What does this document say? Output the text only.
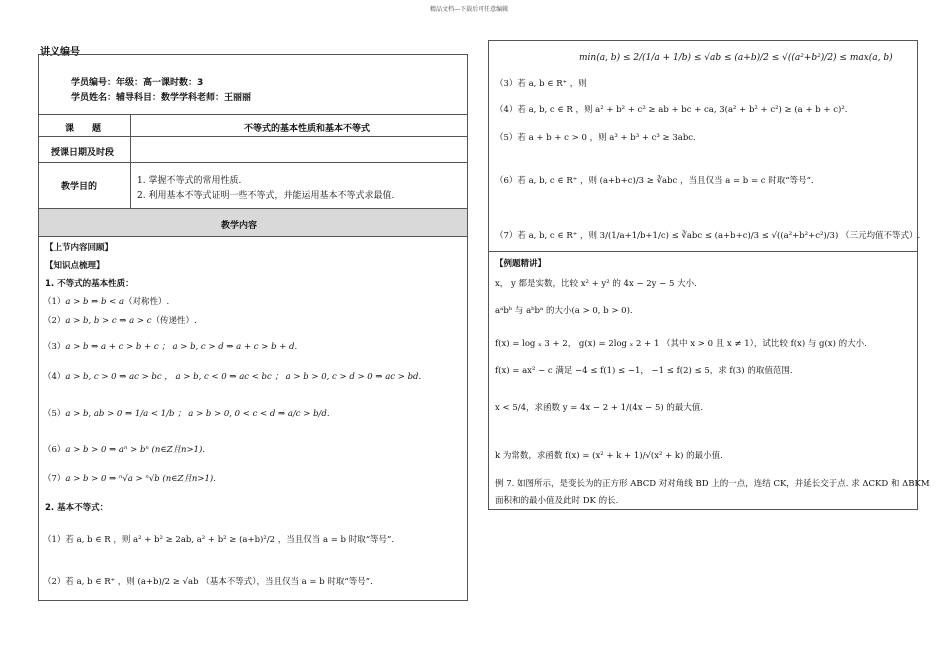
精品文档---下载后可任意编辑
讲义编号
学员编号：年级：高一课时数：3
学员姓名：辅导科目：数学学科老师：王丽丽
课　　题	不等式的基本性质和基本不等式
授课日期及时段
教学目的
1. 掌握不等式的常用性质.
2. 利用基本不等式证明一些不等式，并能运用基本不等式求最值.
教学内容
【上节内容回顾】
【知识点梳理】
1. 不等式的基本性质：
（1）a > b ⇔ b < a（对称性）.
（2）a > b, b > c ⇒ a > c（传递性）.
（3）a > b ⇒ a + c > b + c ； a > b, c > d ⇒ a + c > b + d.
（4）a > b, c > 0 ⇒ ac > bc ， a > b, c < 0 ⇒ ac < bc ； a > b > 0, c > d > 0 ⇒ ac > bd.
（5）a > b, ab > 0 ⇒ 1/a < 1/b ； a > b > 0, 0 < c < d ⇒ a/c > b/d.
（6）a > b > 0 ⇒ aⁿ > bⁿ (n∈Z且n>1).
（7）a > b > 0 ⇒ ⁿ√a > ⁿ√b (n∈Z且n>1).
2. 基本不等式：
（1）若 a, b ∈ R ，则 a² + b² ≥ 2ab, a² + b² ≥ (a+b)²/2 ，当且仅当 a = b 时取“等号”.
（2）若 a, b ∈ R⁺ ，则 (a+b)/2 ≥ √ab （基本不等式），当且仅当 a = b 时取“等号”.
min(a, b) ≤ 2/(1/a + 1/b) ≤ √ab ≤ (a+b)/2 ≤ √((a²+b²)/2) ≤ max(a, b)
（3）若 a, b ∈ R⁺ ，则
（4）若 a, b, c ∈ R ，则 a² + b² + c² ≥ ab + bc + ca, 3(a² + b² + c²) ≥ (a + b + c)².
（5）若 a + b + c > 0 ，则 a³ + b³ + c³ ≥ 3abc.
（6）若 a, b, c ∈ R⁺ ，则 (a+b+c)/3 ≥ ∛abc ，当且仅当 a = b = c 时取“等号”.
（7）若 a, b, c ∈ R⁺ ，则 3/(1/a+1/b+1/c) ≤ ∛abc ≤ (a+b+c)/3 ≤ √((a²+b²+c²)/3) （三元均值不等式）.
【例题精讲】
x， y 都是实数，比较 x² + y² 的 4x − 2y − 5 大小.
aᵃbᵇ 与 aᵇbᵃ 的大小(a > 0, b > 0).
f(x) = log ₓ 3 + 2， g(x) = 2log ₓ 2 + 1 （其中 x > 0 且 x ≠ 1），试比较 f(x) 与 g(x) 的大小.
f(x) = ax² − c 满足 −4 ≤ f(1) ≤ −1， −1 ≤ f(2) ≤ 5，求 f(3) 的取值范围.
x < 5/4，求函数 y = 4x − 2 + 1/(4x − 5) 的最大值.
k 为常数，求函数 f(x) = (x² + k + 1)/√(x² + k) 的最小值.
例 7. 如图所示，是变长为的正方形 ABCD 对对角线 BD 上的一点，连结 CK，并延长交于点. 求 ΔCKD 和 ΔBKM
面积和的最小值及此时 DK 的长.
